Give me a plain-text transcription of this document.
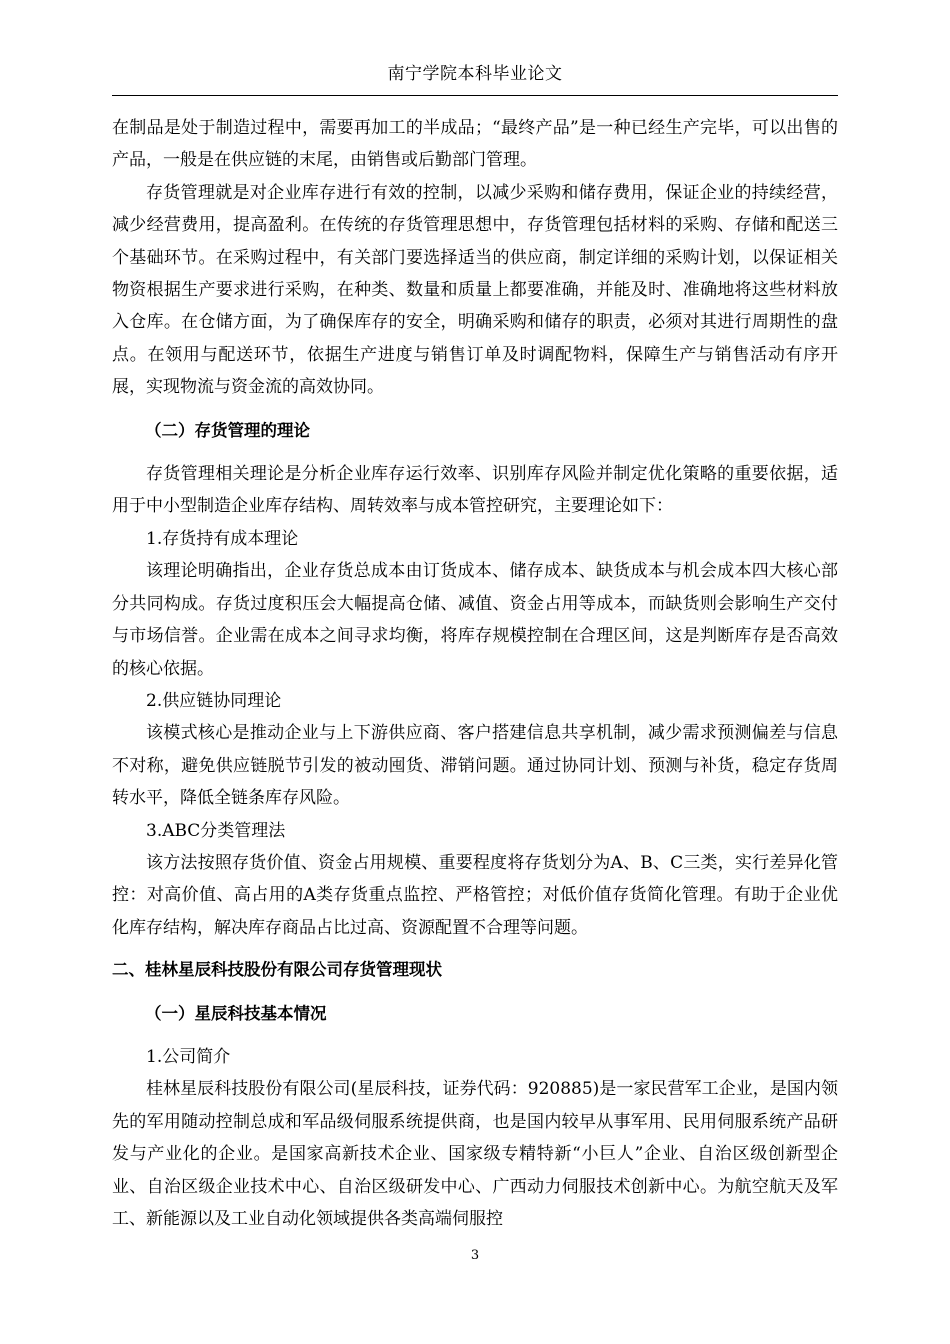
南宁学院本科毕业论文

在制品是处于制造过程中，需要再加工的半成品；“最终产品”是一种已经生产完毕，可以出售的产品，一般是在供应链的末尾，由销售或后勤部门管理。

存货管理就是对企业库存进行有效的控制，以减少采购和储存费用，保证企业的持续经营，减少经营费用，提高盈利。在传统的存货管理思想中，存货管理包括材料的采购、存储和配送三个基础环节。在采购过程中，有关部门要选择适当的供应商，制定详细的采购计划，以保证相关物资根据生产要求进行采购，在种类、数量和质量上都要准确，并能及时、准确地将这些材料放入仓库。在仓储方面，为了确保库存的安全，明确采购和储存的职责，必须对其进行周期性的盘点。在领用与配送环节，依据生产进度与销售订单及时调配物料，保障生产与销售活动有序开展，实现物流与资金流的高效协同。

（二）存货管理的理论

存货管理相关理论是分析企业库存运行效率、识别库存风险并制定优化策略的重要依据，适用于中小型制造企业库存结构、周转效率与成本管控研究，主要理论如下：

1.存货持有成本理论

该理论明确指出，企业存货总成本由订货成本、储存成本、缺货成本与机会成本四大核心部分共同构成。存货过度积压会大幅提高仓储、减值、资金占用等成本，而缺货则会影响生产交付与市场信誉。企业需在成本之间寻求均衡，将库存规模控制在合理区间，这是判断库存是否高效的核心依据。

2.供应链协同理论

该模式核心是推动企业与上下游供应商、客户搭建信息共享机制，减少需求预测偏差与信息不对称，避免供应链脱节引发的被动囤货、滞销问题。通过协同计划、预测与补货，稳定存货周转水平，降低全链条库存风险。

3.ABC分类管理法

该方法按照存货价值、资金占用规模、重要程度将存货划分为A、B、C三类，实行差异化管控：对高价值、高占用的A类存货重点监控、严格管控；对低价值存货简化管理。有助于企业优化库存结构，解决库存商品占比过高、资源配置不合理等问题。

二、桂林星辰科技股份有限公司存货管理现状
（一）星辰科技基本情况
1.公司简介

桂林星辰科技股份有限公司(星辰科技，证券代码：920885)是一家民营军工企业，是国内领先的军用随动控制总成和军品级伺服系统提供商，也是国内较早从事军用、民用伺服系统产品研发与产业化的企业。是国家高新技术企业、国家级专精特新“小巨人”企业、自治区级创新型企业、自治区级企业技术中心、自治区级研发中心、广西动力伺服技术创新中心。为航空航天及军工、新能源以及工业自动化领域提供各类高端伺服控

3
